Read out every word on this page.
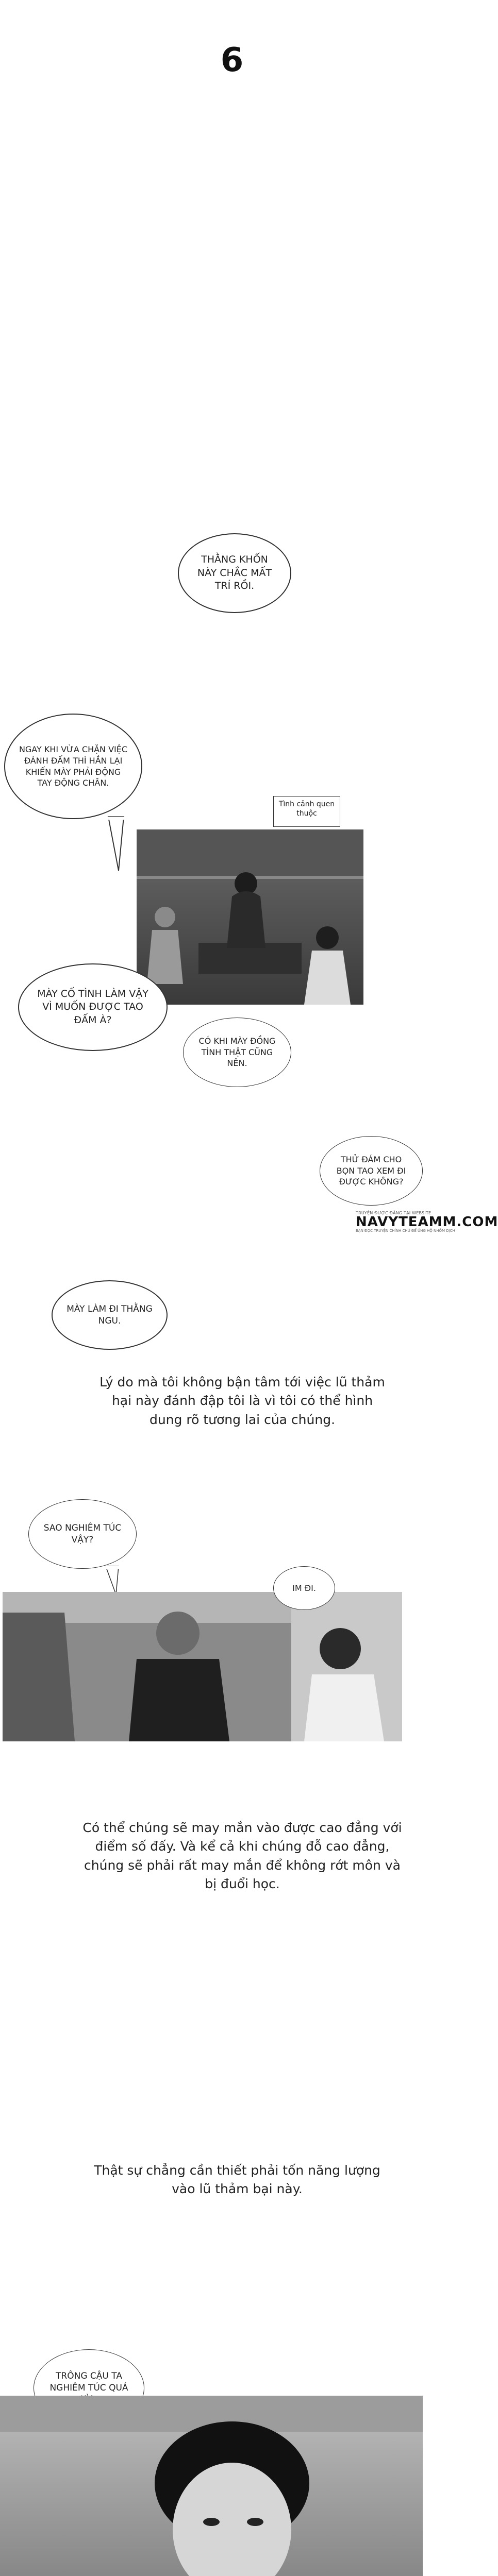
6
THẰNG KHỐN NÀY CHẮC MẤT TRÍ RỒI.
NGAY KHI VỪA CHẶN VIỆC ĐÁNH ĐẤM THÌ HẮN LẠI KHIẾN MÀY PHẢI ĐỘNG TAY ĐỘNG CHÂN.
Tình cảnh quen thuộc
MÀY CỐ TÌNH LÀM VẬY VÌ MUỐN ĐƯỢC TAO ĐẤM À?
CÓ KHI MÀY ĐỒNG TÌNH THẬT CŨNG NÊN.
THỬ ĐÁM CHO BỌN TAO XEM ĐI ĐƯỢC KHÔNG?
TRUYỆN ĐƯỢC ĐĂNG TẠI WEBSITE
NAVYTEAMM.COM
BẠN ĐỌC TRUYỆN CHÍNH CHỦ ĐỂ ỦNG HỘ NHÓM DỊCH
MÀY LÀM ĐI THẰNG NGU.
Lý do mà tôi không bận tâm tới việc lũ thảm hại này đánh đập tôi là vì tôi có thể hình dung rõ tương lai của chúng.
SAO NGHIÊM TÚC VẬY?
IM ĐI.
Có thể chúng sẽ may mắn vào được cao đẳng với điểm số đấy. Và kể cả khi chúng đỗ cao đẳng, chúng sẽ phải rất may mắn để không rớt môn và bị đuổi học.
Thật sự chẳng cần thiết phải tốn năng lượng vào lũ thảm bại này.
TRÔNG CẬU TA NGHIÊM TÚC QUÁ
